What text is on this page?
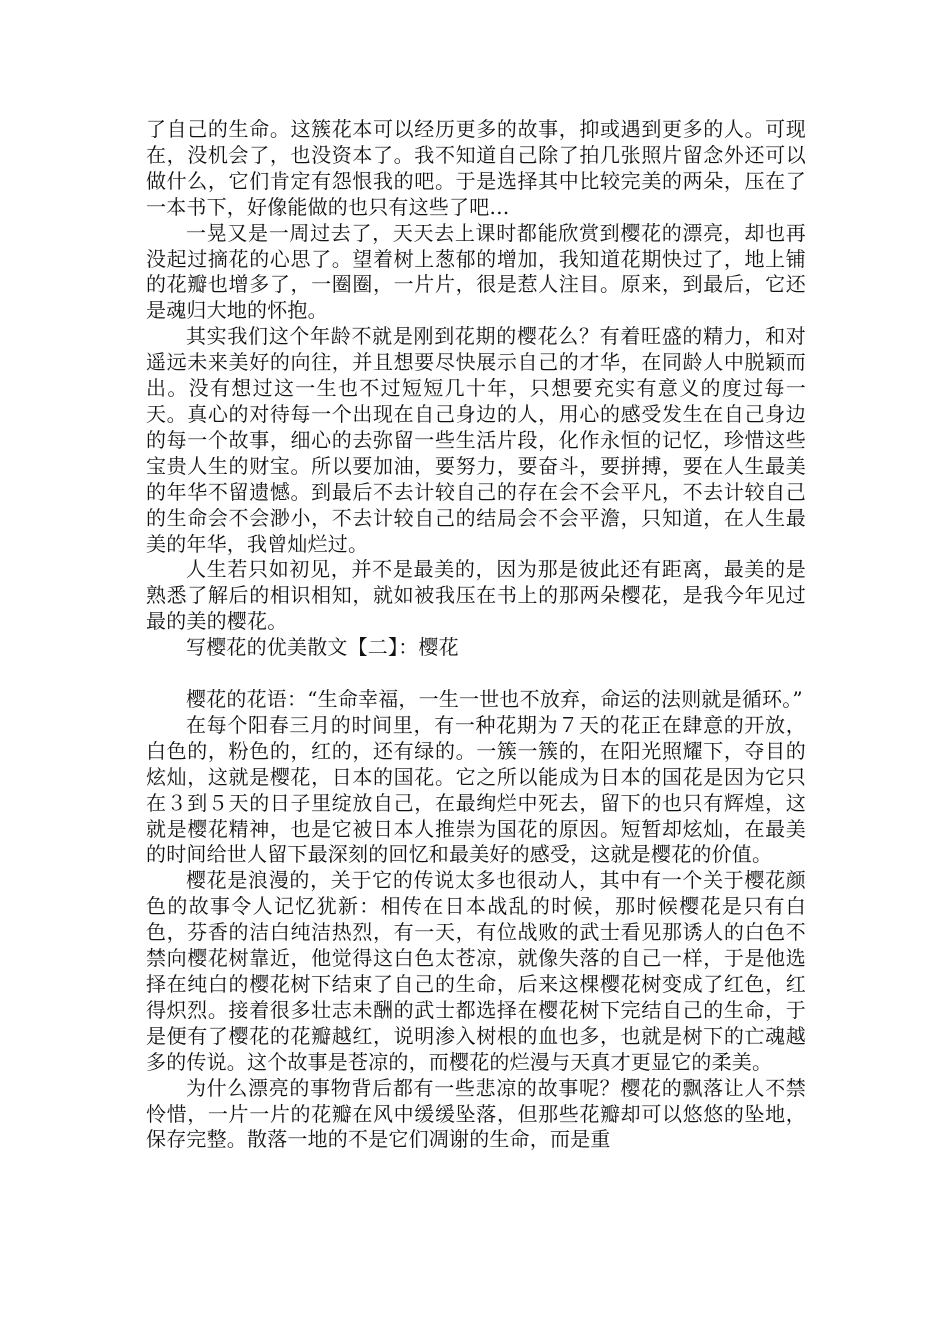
了自己的生命。这簇花本可以经历更多的故事，抑或遇到更多的人。可现在，没机会了，也没资本了。我不知道自己除了拍几张照片留念外还可以做什么，它们肯定有怨恨我的吧。于是选择其中比较完美的两朵，压在了一本书下，好像能做的也只有这些了吧…

一晃又是一周过去了，天天去上课时都能欣赏到樱花的漂亮，却也再没起过摘花的心思了。望着树上葱郁的增加，我知道花期快过了，地上铺的花瓣也增多了，一圈圈，一片片，很是惹人注目。原来，到最后，它还是魂归大地的怀抱。

其实我们这个年龄不就是刚到花期的樱花么？有着旺盛的精力，和对遥远未来美好的向往，并且想要尽快展示自己的才华，在同龄人中脱颖而出。没有想过这一生也不过短短几十年，只想要充实有意义的度过每一天。真心的对待每一个出现在自己身边的人，用心的感受发生在自己身边的每一个故事，细心的去弥留一些生活片段，化作永恒的记忆，珍惜这些宝贵人生的财宝。所以要加油，要努力，要奋斗，要拼搏，要在人生最美的年华不留遗憾。到最后不去计较自己的存在会不会平凡，不去计较自己的生命会不会渺小，不去计较自己的结局会不会平澹，只知道，在人生最美的年华，我曾灿烂过。

人生若只如初见，并不是最美的，因为那是彼此还有距离，最美的是熟悉了解后的相识相知，就如被我压在书上的那两朵樱花，是我今年见过最的美的樱花。

写樱花的优美散文【二】：樱花

樱花的花语：“生命幸福，一生一世也不放弃，命运的法则就是循环。”

在每个阳春三月的时间里，有一种花期为７天的花正在肆意的开放，白色的，粉色的，红的，还有绿的。一簇一簇的，在阳光照耀下，夺目的炫灿，这就是樱花，日本的国花。它之所以能成为日本的国花是因为它只在３到５天的日子里绽放自己，在最绚烂中死去，留下的也只有辉煌，这就是樱花精神，也是它被日本人推崇为国花的原因。短暂却炫灿，在最美的时间给世人留下最深刻的回忆和最美好的感受，这就是樱花的价值。

樱花是浪漫的，关于它的传说太多也很动人，其中有一个关于樱花颜色的故事令人记忆犹新：相传在日本战乱的时候，那时候樱花是只有白色，芬香的洁白纯洁热烈，有一天，有位战败的武士看见那诱人的白色不禁向樱花树靠近，他觉得这白色太苍凉，就像失落的自己一样，于是他选择在纯白的樱花树下结束了自己的生命，后来这棵樱花树变成了红色，红得炽烈。接着很多壮志未酬的武士都选择在樱花树下完结自己的生命，于是便有了樱花的花瓣越红，说明渗入树根的血也多，也就是树下的亡魂越多的传说。这个故事是苍凉的，而樱花的烂漫与天真才更显它的柔美。

为什么漂亮的事物背后都有一些悲凉的故事呢？樱花的飘落让人不禁怜惜，一片一片的花瓣在风中缓缓坠落，但那些花瓣却可以悠悠的坠地，保存完整。散落一地的不是它们凋谢的生命，而是重
